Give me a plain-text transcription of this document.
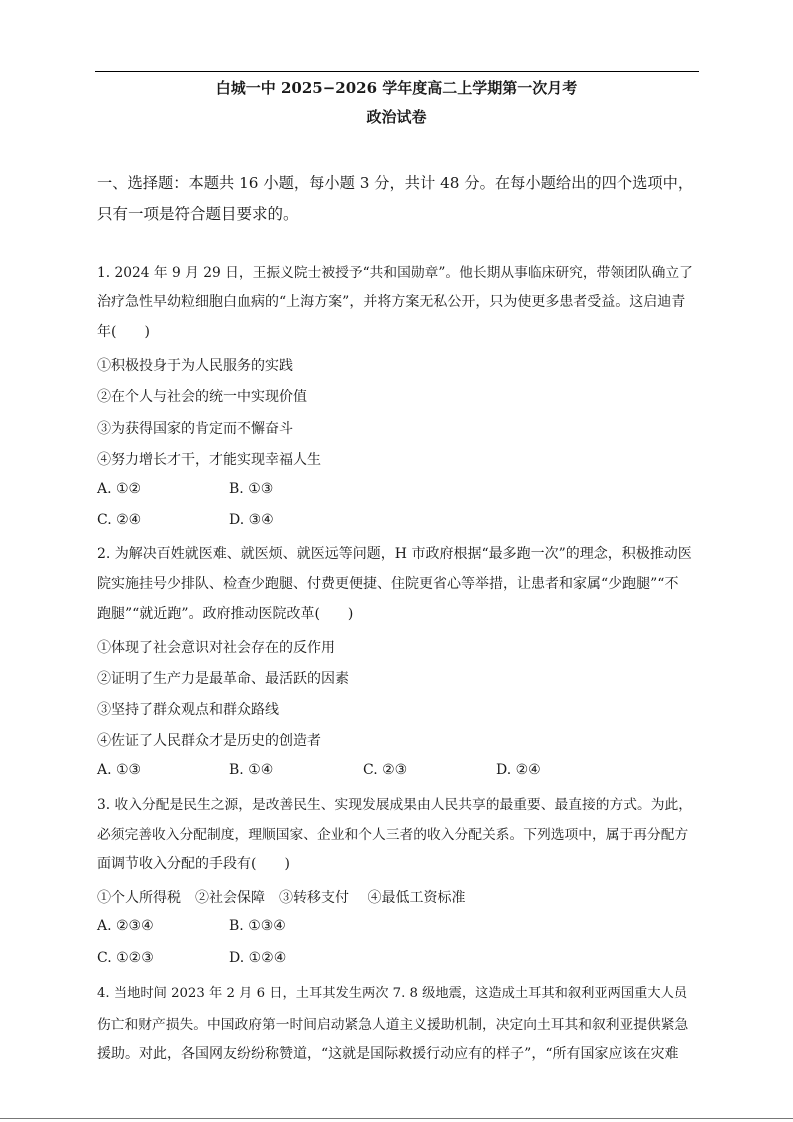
白城一中 2025−2026 学年度高二上学期第一次月考
政治试卷
一、选择题：本题共 16 小题，每小题 3 分，共计 48 分。在每小题给出的四个选项中，
只有一项是符合题目要求的。
1. 2024 年 9 月 29 日，王振义院士被授予“共和国勋章”。他长期从事临床研究，带领团队确立了
治疗急性早幼粒细胞白血病的“上海方案”，并将方案无私公开，只为使更多患者受益。这启迪青
年(　　)
①积极投身于为人民服务的实践
②在个人与社会的统一中实现价值
③为获得国家的肯定而不懈奋斗
④努力增长才干，才能实现幸福人生
A. ①②	B. ①③
C. ②④	D. ③④
2. 为解决百姓就医难、就医烦、就医远等问题，H 市政府根据“最多跑一次”的理念，积极推动医
院实施挂号少排队、检查少跑腿、付费更便捷、住院更省心等举措，让患者和家属“少跑腿”“不
跑腿”“就近跑”。政府推动医院改革(　　)
①体现了社会意识对社会存在的反作用
②证明了生产力是最革命、最活跃的因素
③坚持了群众观点和群众路线
④佐证了人民群众才是历史的创造者
A. ①③	B. ①④	C. ②③	D. ②④
3. 收入分配是民生之源，是改善民生、实现发展成果由人民共享的最重要、最直接的方式。为此，
必须完善收入分配制度，理顺国家、企业和个人三者的收入分配关系。下列选项中，属于再分配方
面调节收入分配的手段有(　　)
①个人所得税　②社会保障　③转移支付　 ④最低工资标准
A. ②③④	B. ①③④
C. ①②③	D. ①②④
4. 当地时间 2023 年 2 月 6 日，土耳其发生两次 7. 8 级地震，这造成土耳其和叙利亚两国重大人员
伤亡和财产损失。中国政府第一时间启动紧急人道主义援助机制，决定向土耳其和叙利亚提供紧急
援助。对此，各国网友纷纷称赞道，“这就是国际救援行动应有的样子”，“所有国家应该在灾难
